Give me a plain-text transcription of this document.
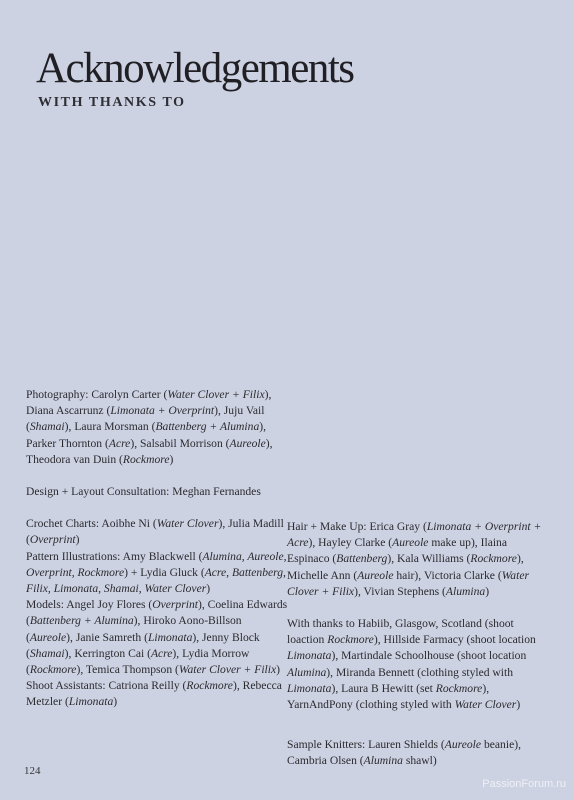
Acknowledgements
WITH THANKS TO

Photography: Carolyn Carter (Water Clover + Filix), Diana Ascarrunz (Limonata + Overprint), Juju Vail (Shamai), Laura Morsman (Battenberg + Alumina), Parker Thornton (Acre), Salsabil Morrison (Aureole), Theodora van Duin (Rockmore)

Design + Layout Consultation: Meghan Fernandes

Crochet Charts: Aoibhe Ni (Water Clover), Julia Madill (Overprint)

Pattern Illustrations: Amy Blackwell (Alumina, Aureole, Overprint, Rockmore) + Lydia Gluck (Acre, Battenberg, Filix, Limonata, Shamai, Water Clover)

Models: Angel Joy Flores (Overprint), Coelina Edwards (Battenberg + Alumina), Hiroko Aono-Billson (Aureole), Janie Samreth (Limonata), Jenny Block (Shamai), Kerrington Cai (Acre), Lydia Morrow (Rockmore), Temica Thompson (Water Clover + Filix)

Shoot Assistants: Catriona Reilly (Rockmore), Rebecca Metzler (Limonata)

Hair + Make Up: Erica Gray (Limonata + Overprint + Acre), Hayley Clarke (Aureole make up), Ilaina Espinaco (Battenberg), Kala Williams (Rockmore), Michelle Ann (Aureole hair), Victoria Clarke (Water Clover + Filix), Vivian Stephens (Alumina)

With thanks to Habiib, Glasgow, Scotland (shoot loaction Rockmore), Hillside Farmacy (shoot location Limonata), Martindale Schoolhouse (shoot location Alumina), Miranda Bennett (clothing styled with Limonata), Laura B Hewitt (set Rockmore), YarnAndPony (clothing styled with Water Clover)

Sample Knitters: Lauren Shields (Aureole beanie), Cambria Olsen (Alumina shawl)

124
PassionForum.ru
